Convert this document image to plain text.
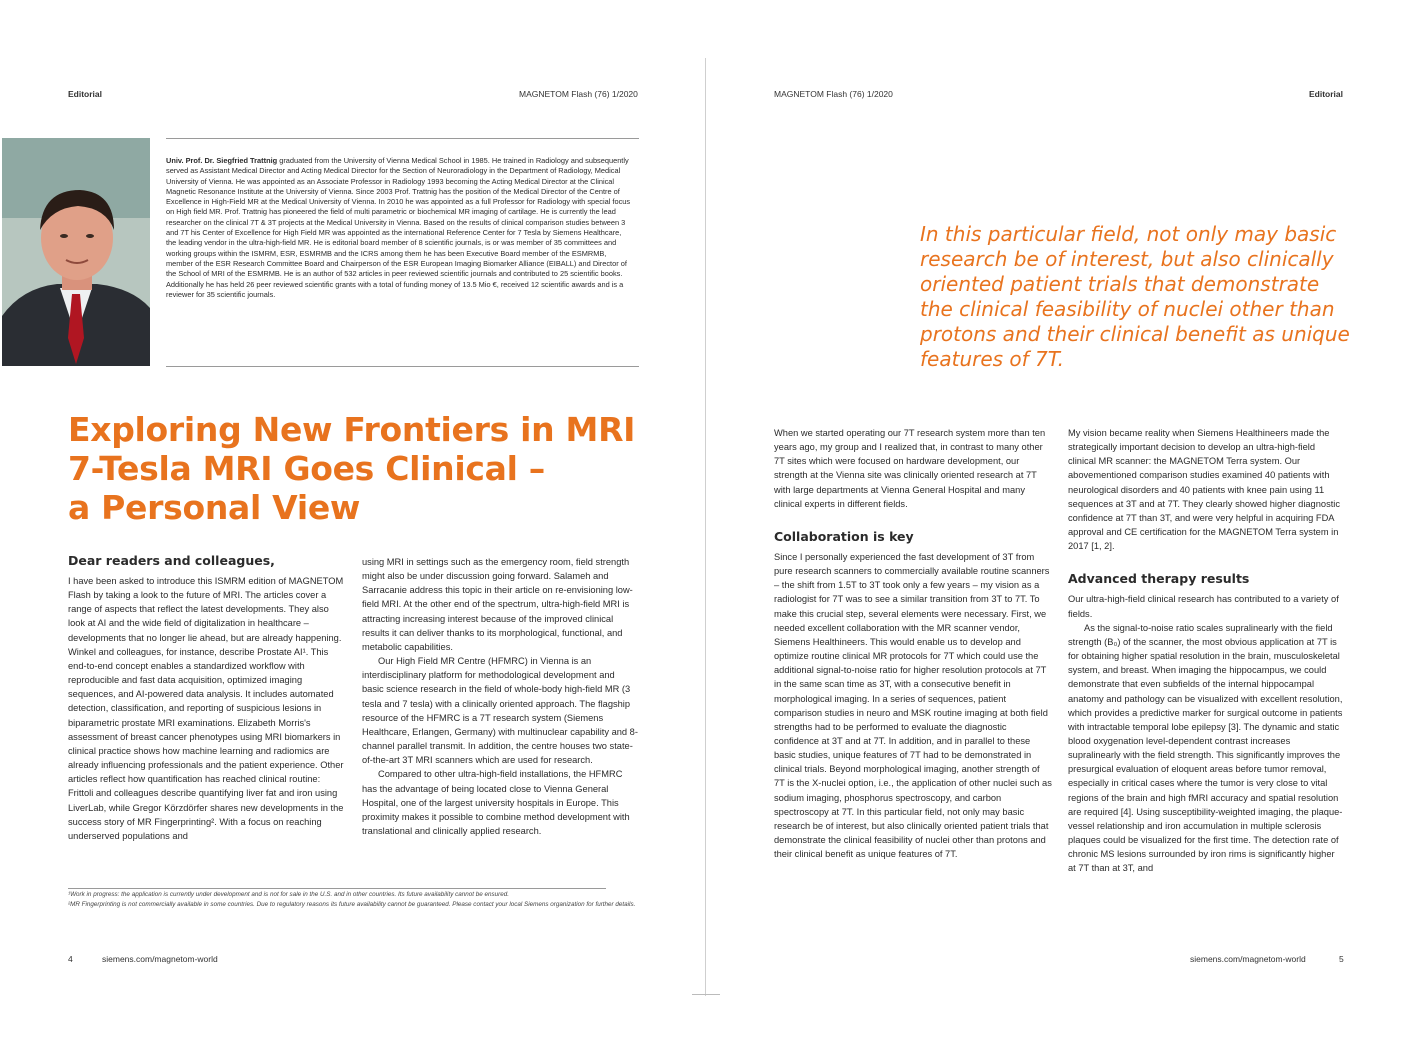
Editorial	MAGNETOM Flash (76) 1/2020
Univ. Prof. Dr. Siegfried Trattnig graduated from the University of Vienna Medical School in 1985. He trained in Radiology and subsequently served as Assistant Medical Director and Acting Medical Director for the Section of Neuroradiology in the Department of Radiology, Medical University of Vienna. He was appointed as an Associate Professor in Radiology 1993 becoming the Acting Medical Director at the Clinical Magnetic Resonance Institute at the University of Vienna. Since 2003 Prof. Trattnig has the position of the Medical Director of the Centre of Excellence in High-Field MR at the Medical University of Vienna. In 2010 he was appointed as a full Professor for Radiology with special focus on High field MR. Prof. Trattnig has pioneered the field of multi parametric or biochemical MR imaging of cartilage. He is currently the lead researcher on the clinical 7T & 3T projects at the Medical University in Vienna. Based on the results of clinical comparison studies between 3 and 7T his Center of Excellence for High Field MR was appointed as the international Reference Center for 7 Tesla by Siemens Healthcare, the leading vendor in the ultra-high-field MR. He is editorial board member of 8 scientific journals, is or was member of 35 committees and working groups within the ISMRM, ESR, ESMRMB and the ICRS among them he has been Executive Board member of the ESMRMB, member of the ESR Research Committee Board and Chairperson of the ESR European Imaging Biomarker Alliance (EIBALL) and Director of the School of MRI of the ESMRMB. He is an author of 532 articles in peer reviewed scientific journals and contributed to 25 scientific books. Additionally he has held 26 peer reviewed scientific grants with a total of funding money of 13.5 Mio €, received 12 scientific awards and is a reviewer for 35 scientific journals.
Exploring New Frontiers in MRI
7-Tesla MRI Goes Clinical –
a Personal View
Dear readers and colleagues,

I have been asked to introduce this ISMRM edition of MAGNETOM Flash by taking a look to the future of MRI. The articles cover a range of aspects that reflect the latest developments. They also look at AI and the wide field of digitalization in healthcare – developments that no longer lie ahead, but are already happening. Winkel and colleagues, for instance, describe Prostate AI¹. This end-to-end concept enables a standardized workflow with reproducible and fast data acquisition, optimized imaging sequences, and AI-powered data analysis. It includes automated detection, classification, and reporting of suspicious lesions in biparametric prostate MRI examinations. Elizabeth Morris's assessment of breast cancer phenotypes using MRI biomarkers in clinical practice shows how machine learning and radiomics are already influencing professionals and the patient experience. Other articles reflect how quantification has reached clinical routine: Frittoli and colleagues describe quantifying liver fat and iron using LiverLab, while Gregor Körzdörfer shares new developments in the success story of MR Fingerprinting². With a focus on reaching underserved populations and

using MRI in settings such as the emergency room, field strength might also be under discussion going forward. Salameh and Sarracanie address this topic in their article on re-envisioning low-field MRI. At the other end of the spectrum, ultra-high-field MRI is attracting increasing interest because of the improved clinical results it can deliver thanks to its morphological, functional, and metabolic capabilities.

Our High Field MR Centre (HFMRC) in Vienna is an interdisciplinary platform for methodological development and basic science research in the field of whole-body high-field MR (3 tesla and 7 tesla) with a clinically oriented approach. The flagship resource of the HFMRC is a 7T research system (Siemens Healthcare, Erlangen, Germany) with multinuclear capability and 8-channel parallel transmit. In addition, the centre houses two state-of-the-art 3T MRI scanners which are used for research.

Compared to other ultra-high-field installations, the HFMRC has the advantage of being located close to Vienna General Hospital, one of the largest university hospitals in Europe. This proximity makes it possible to combine method development with translational and clinically applied research.

¹Work in progress: the application is currently under development and is not for sale in the U.S. and in other countries. Its future availability cannot be ensured.
²MR Fingerprinting is not commercially available in some countries. Due to regulatory reasons its future availability cannot be guaranteed. Please contact your local Siemens organization for further details.
4	siemens.com/magnetom-world
MAGNETOM Flash (76) 1/2020	Editorial
In this particular field, not only may basic
research be of interest, but also clinically
oriented patient trials that demonstrate
the clinical feasibility of nuclei other than
protons and their clinical benefit as unique
features of 7T.

When we started operating our 7T research system more than ten years ago, my group and I realized that, in contrast to many other 7T sites which were focused on hardware development, our strength at the Vienna site was clinically oriented research at 7T with large departments at Vienna General Hospital and many clinical experts in different fields.

Collaboration is key

Since I personally experienced the fast development of 3T from pure research scanners to commercially available routine scanners – the shift from 1.5T to 3T took only a few years – my vision as a radiologist for 7T was to see a similar transition from 3T to 7T. To make this crucial step, several elements were necessary. First, we needed excellent collaboration with the MR scanner vendor, Siemens Healthineers. This would enable us to develop and optimize routine clinical MR protocols for 7T which could use the additional signal-to-noise ratio for higher resolution protocols at 7T in the same scan time as 3T, with a consecutive benefit in morphological imaging. In a series of sequences, patient comparison studies in neuro and MSK routine imaging at both field strengths had to be performed to evaluate the diagnostic confidence at 3T and at 7T. In addition, and in parallel to these basic studies, unique features of 7T had to be demonstrated in clinical trials. Beyond morphological imaging, another strength of 7T is the X-nuclei option, i.e., the application of other nuclei such as sodium imaging, phosphorus spectroscopy, and carbon spectroscopy at 7T. In this particular field, not only may basic research be of interest, but also clinically oriented patient trials that demonstrate the clinical feasibility of nuclei other than protons and their clinical benefit as unique features of 7T.

My vision became reality when Siemens Healthineers made the strategically important decision to develop an ultra-high-field clinical MR scanner: the MAGNETOM Terra system. Our abovementioned comparison studies examined 40 patients with neurological disorders and 40 patients with knee pain using 11 sequences at 3T and at 7T. They clearly showed higher diagnostic confidence at 7T than 3T, and were very helpful in acquiring FDA approval and CE certification for the MAGNETOM Terra system in 2017 [1, 2].

Advanced therapy results

Our ultra-high-field clinical research has contributed to a variety of fields.

As the signal-to-noise ratio scales supralinearly with the field strength (B₀) of the scanner, the most obvious application at 7T is for obtaining higher spatial resolution in the brain, musculoskeletal system, and breast. When imaging the hippocampus, we could demonstrate that even subfields of the internal hippocampal anatomy and pathology can be visualized with excellent resolution, which provides a predictive marker for surgical outcome in patients with intractable temporal lobe epilepsy [3]. The dynamic and static blood oxygenation level-dependent contrast increases supralinearly with the field strength. This significantly improves the presurgical evaluation of eloquent areas before tumor removal, especially in critical cases where the tumor is very close to vital regions of the brain and high fMRI accuracy and spatial resolution are required [4]. Using susceptibility-weighted imaging, the plaque-vessel relationship and iron accumulation in multiple sclerosis plaques could be visualized for the first time. The detection rate of chronic MS lesions surrounded by iron rims is significantly higher at 7T than at 3T, and

siemens.com/magnetom-world	5
